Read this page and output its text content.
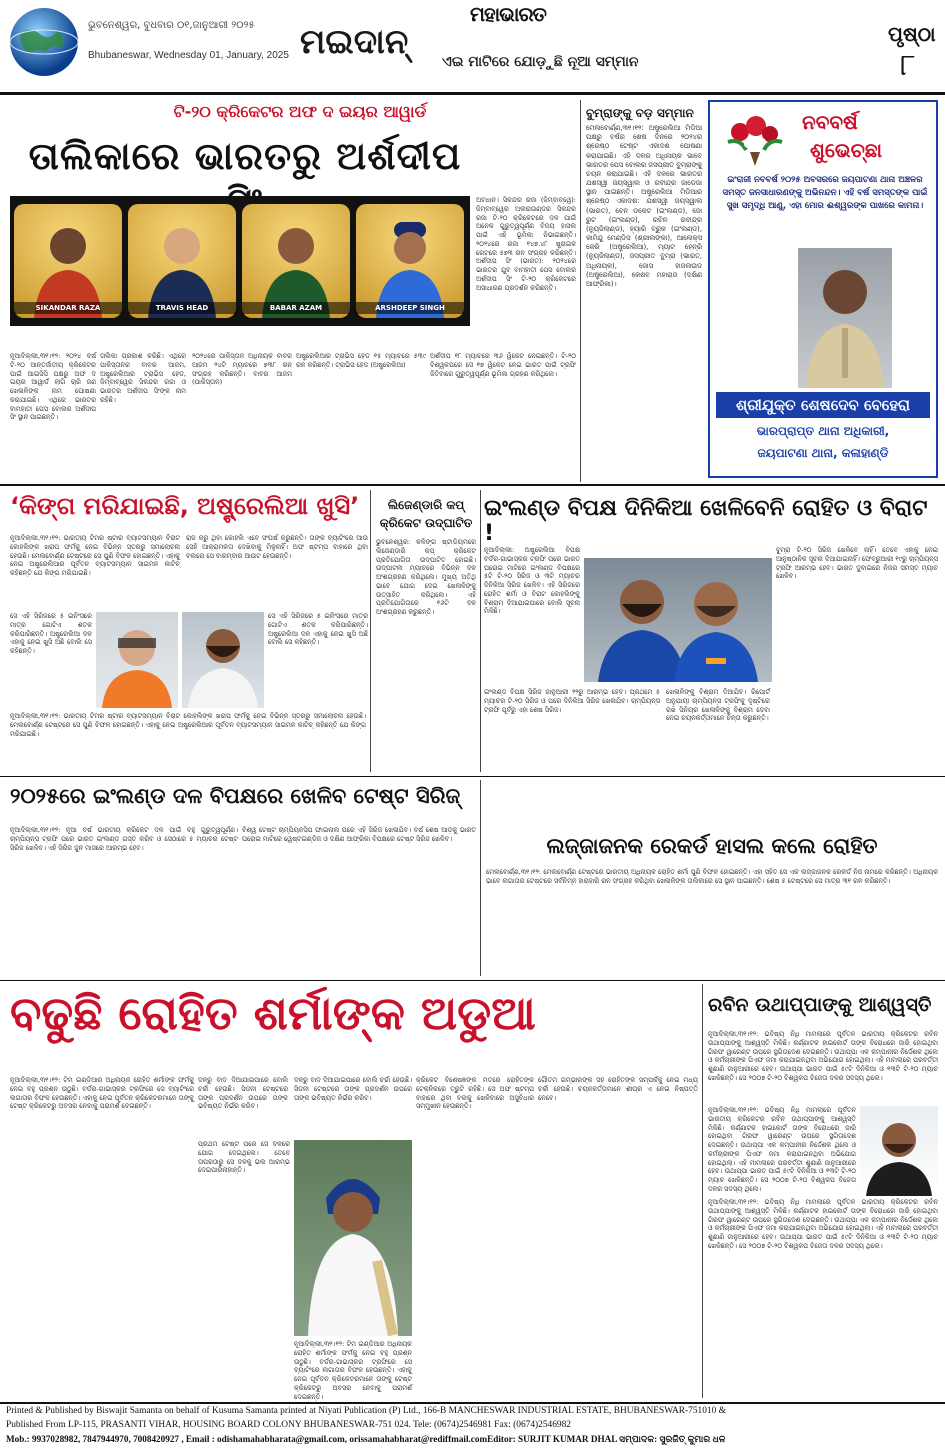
ଭୁବନେଶ୍ୱର, ବୁଧବାର ୦୧,ଜାନୁଆରୀ ୨୦୨୫
Bhubaneswar, Wednesday 01, January, 2025
ମହାଭାରତ
ମଇଦାନ୍ ଏଇ ମାଟିରେ ଯୋଡ଼ୁଛି ନୂଆ ସମ୍ମାନ
ପୃଷ୍ଠା
୮
ଟି-୨୦ କ୍ରିକେଟର ଅଫ ଦ ଇୟର ଆୱାର୍ଡ
ତାଲିକାରେ ଭାରତରୁ ଅର୍ଶଦୀପ
SIKANDAR RAZA	TRAVIS HEAD	BABAR AZAM	ARSHDEEP SINGH
ଅବଧାନ। ସିକନ୍ଦର ରଜା (ଜିମ୍ବାବ୍ୱେ): ଜିମ୍ବାବ୍ୱେର ଅଲରାଉଣ୍ଡର ସିକନ୍ଦର ରଜା ଟି-୨୦ କ୍ରିକେଟରେ ଦଳ ପାଇଁ ଅନେକ ଗୁରୁତ୍ୱପୂର୍ଣ୍ଣ ବିଜୟ ହାସଲ ପାଇଁ ଏହି ଭୂମିକା ନିଭାଇଛନ୍ତି। ୨୦୨୪ରେ ରଜା ୧୪୭.୪୮ ଷ୍ଟ୍ରାଇକ ରେଟରେ ୫୭୩ ରନ ସଂଗ୍ରହ କରିଛନ୍ତି। ଅର୍ଶଦୀପ ସିଂ (ଭାରତ): ୨୦୨୪ରେ ଭାରତର ଯୁବ ବାମହାତୀ ପେସ ବୋଲର ଅର୍ଶଦୀପ ସିଂ ଟି-୨୦ କ୍ରିକେଟରେ ଅସାଧାରଣ ପ୍ରଦର୍ଶନ କରିଛନ୍ତି।
ନୂଆଦିଲ୍ଲୀ,୩୧।୧୨: ୨୦୨୪ ବର୍ଷ ଟି-୨୦ ଆନ୍ତର୍ଜାତୀୟ କ୍ରିକେଟର ପାଇଁ ଆଇସିସି ପକ୍ଷରୁ ଅଫ ଦ ଇୟର ଆୱାର୍ଡ ଲାଗି ଚାରି ଜଣ ଖେଳାଳିଙ୍କ ନାମ ଘୋଷଣା କରାଯାଇଛି। ଏଥିରେ ଭାରତର ବାମହାତୀ ପେସ ବୋଲର ଅର୍ଶଦୀପ ସିଂ ସ୍ଥାନ ପାଇଛନ୍ତି।
ତାଲିକା ପ୍ରକାଶ କରିଛି। ଏଥିରେ ପାକିସ୍ତାନର ବାବର ଆଜମ, ଅଷ୍ଟ୍ରେଲିଆର ଟ୍ରାଭିସ ହେଡ, ଜିମ୍ବାବ୍ୱେର ସିକନ୍ଦର ରଜା ଓ ଭାରତର ଅର୍ଶଦୀପ ସିଂଙ୍କ ନାମ ରହିଛି।
୨୦୨୪ରେ ପାକିସ୍ତାନ ଅଧିନାୟକ ବାବର ଆଜମ ୨୪ଟି ମ୍ୟାଚରେ ୭୩୮ ରନ ସଂଗ୍ରହ କରିଛନ୍ତି। ବାବର ଆଜମ (ପାକିସ୍ତାନ)
ଅଷ୍ଟ୍ରେଲିଆର ଟ୍ରାଭିସ ହେଡ ୧୫ ମ୍ୟାଚରେ ୫୩୯ ରନ କରିଛନ୍ତି। ଟ୍ରାଭିସ ହେଡ (ଅଷ୍ଟ୍ରେଲିଆ)
ଅର୍ଶଦୀପ ୧୮ ମ୍ୟାଚରେ ୩୬ ୱିକେଟ ନେଇଛନ୍ତି। ଟି-୨୦ ବିଶ୍ୱକପରେ ସେ ୧୭ ୱିକେଟ ନେଇ ଭାରତ ପାଇଁ ଟ୍ରଫି ଜିତିବାରେ ଗୁରୁତ୍ୱପୂର୍ଣ୍ଣ ଭୂମିକା ଗ୍ରହଣ କରିଥିଲେ।
ବୁମ୍ରାଙ୍କୁ ବଡ଼ ସମ୍ମାନ
ମେଲବୋର୍ଣ୍ଣ,୩୧।୧୨: ଅଷ୍ଟ୍ରେଲିଆ ମିଡିଆ ପକ୍ଷରୁ ବର୍ଷର ଶେଷ ଦିନରେ ୨୦୨୪ର ଶ୍ରେଷ୍ଠ ଟେଷ୍ଟ ଏକାଦଶ ଘୋଷଣା କରାଯାଇଛି। ଏହି ଦଳର ଅଧିନାୟକ ଭାବେ ଭାରତର ପେସ ବୋଲର ଜସପ୍ରୀତ ବୁମ୍ରାଙ୍କୁ ଚୟନ କରାଯାଇଛି। ଏହି ଦଳରେ ଭାରତର ଯଶସ୍ୱୀ ଜୟସ୍ୱାଲ ଓ ରବୀନ୍ଦ୍ର ଜାଡେଜା ସ୍ଥାନ ପାଇଛନ୍ତି। ଅଷ୍ଟ୍ରେଲିଆ ମିଡିଆର ଶ୍ରେଷ୍ଠ ଏକାଦଶ: ଯଶସ୍ୱୀ ଜୟସ୍ୱାଲ (ଭାରତ), ବେନ ଡକେଟ (ଇଂଲଣ୍ଡ), ଜୋ ରୁଟ (ଇଂଲଣ୍ଡ), ରଚିନ ରବୀନ୍ଦ୍ର (ନ୍ୟୁଜିଲାଣ୍ଡ), ହ୍ୟାରି ବ୍ରୁକ (ଇଂଲଣ୍ଡ), କାମିନ୍ଦୁ ମେଣ୍ଡିସ (ଶ୍ରୀଲଙ୍କା), ଆଲେକ୍ସ କେରି (ଅଷ୍ଟ୍ରେଲିଆ), ମ୍ୟାଟ ହେନ୍ରି (ନ୍ୟୁଜିଲାଣ୍ଡ), ଜସପ୍ରୀତ ବୁମ୍ରା (ଭାରତ, ଅଧିନାୟକ), ଜୋସ ହାଜଲଉଡ (ଅଷ୍ଟ୍ରେଲିଆ), କେଶବ ମହାରାଜ (ଦକ୍ଷିଣ ଆଫ୍ରିକା)।
ନବବର୍ଷ
ଶୁଭେଚ୍ଛା
ଇଂରାଜୀ ନବବର୍ଷ ୨୦୨୫ ଅବସରରେ ଜୟପାଟଣା ଥାନା ଅଞ୍ଚଳର ସମସ୍ତ ଜନସାଧାରଣଙ୍କୁ ଅଭିନନ୍ଦନ। ଏହି ବର୍ଷ ସମସ୍ତଙ୍କ ପାଇଁ ସୁଖ ସମୃଦ୍ଧି ଆଣୁ, ଏହା ମୋର ଈଶ୍ୱରଙ୍କ ପାଖରେ କାମନା।
ଶ୍ରୀଯୁକ୍ତ ଶେଷଦେବ ବେହେରା
ଭାରପ୍ରାପ୍ତ ଥାନା ଅଧିକାରୀ,
ଜୟପାଟଣା ଥାନା, କଳାହାଣ୍ଡି
‘କିଙ୍ଗ ମରିଯାଇଛି, ଅଷ୍ଟ୍ରେଲିଆ ଖୁସି’
ନୂଆଦିଲ୍ଲୀ,୩୧।୧୨: ଭାରତୀୟ ଟିମର ଷ୍ଟାର ବ୍ୟାଟସମ୍ୟାନ ବିରାଟ କୋହଲିଙ୍କ ଖରାପ ଫର୍ମକୁ ନେଇ ବିଭିନ୍ନ ସ୍ତରରୁ ସମାଲୋଚନା ହେଉଛି। ମେଲବୋର୍ଣ୍ଣ ଟେଷ୍ଟରେ ସେ ପୁଣି ବିଫଳ ହୋଇଛନ୍ତି। ଏହାକୁ ନେଇ ଅଷ୍ଟ୍ରେଲିଆର ପୂର୍ବତନ ବ୍ୟାଟସମ୍ୟାନ ସାଇମନ କାଟିଚ୍ କହିଛନ୍ତି ଯେ କିଙ୍ଗ ମରିଯାଇଛି।
ରାଜ କରୁ ଥିବା କୋହଲି ଏବେ ସଂଘର୍ଷ କରୁଛନ୍ତି। ତାଙ୍କ ବ୍ୟାଟିଂରେ ଆଉ ସେହି ଆକ୍ରାମକତା ଦେଖିବାକୁ ମିଳୁନାହିଁ। ଅଫ ଷ୍ଟମ୍ପ ବାହାରେ ଥିବା ବଲରେ ସେ ବାରମ୍ବାର ଆଉଟ ହେଉଛନ୍ତି।
ସେ ଏହି ସିରିଜରେ ୫ ଇନିଂସରେ ମାତ୍ର ଗୋଟିଏ ଶତକ କରିପାରିଛନ୍ତି। ଅଷ୍ଟ୍ରେଲିଆ ଦଳ ଏହାକୁ ନେଇ ଖୁସି ଅଛି ବୋଲି ସେ କହିଛନ୍ତି।
ସେ ଏହି ସିରିଜରେ ୫ ଇନିଂସରେ ମାତ୍ର ଗୋଟିଏ ଶତକ କରିପାରିଛନ୍ତି। ଅଷ୍ଟ୍ରେଲିଆ ଦଳ ଏହାକୁ ନେଇ ଖୁସି ଅଛି ବୋଲି ସେ କହିଛନ୍ତି।
ନୂଆଦିଲ୍ଲୀ,୩୧।୧୨: ଭାରତୀୟ ଟିମର ଷ୍ଟାର ବ୍ୟାଟସମ୍ୟାନ ବିରାଟ କୋହଲିଙ୍କ ଖରାପ ଫର୍ମକୁ ନେଇ ବିଭିନ୍ନ ସ୍ତରରୁ ସମାଲୋଚନା ହେଉଛି। ମେଲବୋର୍ଣ୍ଣ ଟେଷ୍ଟରେ ସେ ପୁଣି ବିଫଳ ହୋଇଛନ୍ତି। ଏହାକୁ ନେଇ ଅଷ୍ଟ୍ରେଲିଆର ପୂର୍ବତନ ବ୍ୟାଟସମ୍ୟାନ ସାଇମନ କାଟିଚ୍ କହିଛନ୍ତି ଯେ କିଙ୍ଗ ମରିଯାଇଛି।
ଲିଜେଣ୍ଡାରି କପ୍
କ୍ରିକେଟ ଉଦ୍‌ଘାଟିତ
ଭୁବନେଶ୍ୱର: କଳିଙ୍ଗ ଷ୍ଟାଡିୟମରେ ଲିଜେଣ୍ଡାରି କପ୍ କ୍ରିକେଟ ପ୍ରତିଯୋଗିତା ଉଦ୍‌ଘାଟିତ ହୋଇଛି। ଉଦ୍‌ଘାଟନୀ ମ୍ୟାଚରେ ବିଭିନ୍ନ ଦଳ ଅଂଶଗ୍ରହଣ କରିଥିଲେ। ମୁଖ୍ୟ ଅତିଥି ଭାବେ ଯୋଗ ଦେଇ ଖେଳାଳିଙ୍କୁ ଉତ୍ସାହିତ କରିଥିଲେ। ଏହି ପ୍ରତିଯୋଗିତାରେ ୧୬ଟି ଦଳ ଅଂଶଗ୍ରହଣ କରୁଛନ୍ତି।
ଇଂଲଣ୍ଡ ବିପକ୍ଷ ଦିନିକିଆ ଖେଳିବେନି ରୋହିତ ଓ ବିରାଟ !
ନୂଆଦିଲ୍ଲୀ: ଅଷ୍ଟ୍ରେଲିଆ ବିପକ୍ଷ ବର୍ଡର-ଗାଭାସ୍କର ଟ୍ରଫି ପରେ ଭାରତ ଘରୋଇ ମାଟିରେ ଇଂଲଣ୍ଡ ବିପକ୍ଷରେ ୫ଟି ଟି-୨୦ ସିରିଜ ଓ ୩ଟି ମ୍ୟାଚର ଦିନିକିଆ ସିରିଜ ଖେଳିବ। ଏହି ସିରିଜରେ ରୋହିତ ଶର୍ମା ଓ ବିରାଟ କୋହଲିଙ୍କୁ ବିଶ୍ରାମ ଦିଆଯାଇପାରେ ବୋଲି ସୂଚନା ମିଳିଛି।
ଇଂଲଣ୍ଡ ବିପକ୍ଷ ସିରିଜ ଜାନୁଆରୀ ୨୨ରୁ ଆରମ୍ଭ ହେବ। ପ୍ରଥମେ ୫ ମ୍ୟାଚର ଟି-୨୦ ସିରିଜ ଓ ପରେ ଦିନିକିଆ ସିରିଜ ଖେଳାଯିବ। ଚାମ୍ପିୟନ୍ସ ଟ୍ରଫି ପୂର୍ବରୁ ଏହା ଶେଷ ସିରିଜ।
ଖେଳାଳିଙ୍କୁ ବିଶ୍ରାମ ଦିଆଯିବ। ରିପୋର୍ଟ ଅନୁଯାୟୀ ଚାମ୍ପିୟନ୍ସ ଟ୍ରଫିକୁ ଦୃଷ୍ଟିରେ ରଖି ସିନିୟର ଖେଳାଳିଙ୍କୁ ବିଶ୍ରାମ ଦେବା ନେଇ ଚୟନକର୍ତ୍ତାମାନେ ଚିନ୍ତା କରୁଛନ୍ତି।
ବୁମ୍ରା ଟି-୨୦ ସିରିଜ ଖେଳିବେ ନାହିଁ। ତେବେ ଏହାକୁ ନେଇ ଆନୁଷ୍ଠାନିକ ସୂଚନା ଦିଆଯାଇନାହିଁ। ଫେବ୍ରୁଆରୀ ୧୯ରୁ ଚାମ୍ପିୟନ୍ସ ଟ୍ରଫି ଆରମ୍ଭ ହେବ। ଭାରତ ଦୁବାଇରେ ନିଜର ସମସ୍ତ ମ୍ୟାଚ ଖେଳିବ।
୨୦୨୫ରେ ଇଂଲଣ୍ଡ ଦଳ ବିପକ୍ଷରେ ଖେଳିବ ଟେଷ୍ଟ ସିରିଜ୍
ନୂଆଦିଲ୍ଲୀ,୩୧।୧୨: ନୂଆ ବର୍ଷ ଭାରତୀୟ କ୍ରିକେଟ ଦଳ ପାଇଁ ବହୁ ଗୁରୁତ୍ୱପୂର୍ଣ୍ଣ। ଚାମ୍ପିୟନ୍ସ ଟ୍ରଫି ପରେ ଭାରତ ଇଂଲଣ୍ଡ ଗସ୍ତ କରିବ ଓ ସେଠାରେ ୫ ମ୍ୟାଚର ଟେଷ୍ଟ ସିରିଜ ଖେଳିବ। ଏହି ସିରିଜ ଜୁନ ମାସରେ ଆରମ୍ଭ ହେବ।
ବିଶ୍ୱ ଟେଷ୍ଟ ଚାମ୍ପିୟନସିପ ଫାଇନାଲ ପରେ ଏହି ସିରିଜ ଖେଳାଯିବ। ବର୍ଷ ଶେଷ ଆଡ଼କୁ ଭାରତ ଘରୋଇ ମାଟିରେ ୱେଷ୍ଟଇଣ୍ଡିଜ ଓ ଦକ୍ଷିଣ ଆଫ୍ରିକା ବିପକ୍ଷରେ ଟେଷ୍ଟ ସିରିଜ ଖେଳିବ।	ଲଜ୍ଜାଜନକ ରେକର୍ଡ ହାସଲ କଲେ ରୋହିତ
ମେଲବୋର୍ଣ୍ଣ,୩୧।୧୨: ମେଲବୋର୍ଣ୍ଣ ଟେଷ୍ଟରେ ଭାରତୀୟ ଅଧିନାୟକ ରୋହିତ ଶର୍ମା ପୁଣି ବିଫଳ ହୋଇଛନ୍ତି। ଏହା ସହିତ ସେ ଏକ ଲଜ୍ଜାଜନକ ରେକର୍ଡ ନିଜ ନାମରେ କରିଛନ୍ତି। ଅଧିନାୟକ ଭାବେ ଲଗାତାର ଟେଷ୍ଟରେ ସର୍ବନିମ୍ନ ହାରାହାରି ରନ ସଂଗ୍ରହ କରିଥିବା ଖେଳାଳିଙ୍କ ତାଲିକାରେ ସେ ସ୍ଥାନ ପାଇଛନ୍ତି। ଶେଷ ୫ ଟେଷ୍ଟରେ ସେ ମାତ୍ର ୩୧ ରନ କରିଛନ୍ତି।
ବଢୁଛି ରୋହିତ ଶର୍ମାଙ୍କ ଅଡୁଆ
ନୂଆଦିଲ୍ଲୀ,୩୧।୧୨: ଟିମ ଇଣ୍ଡିଆର ଅଧିନାୟକ ରୋହିତ ଶର୍ମାଙ୍କ ଫର୍ମକୁ ନେଇ ବହୁ ପ୍ରଶ୍ନ ଉଠୁଛି। ବର୍ଡର-ଗାଭାସ୍କର ଟ୍ରଫିରେ ସେ ବ୍ୟାଟିଂରେ ଲଗାତାର ବିଫଳ ହେଉଛନ୍ତି। ଏହାକୁ ନେଇ ପୂର୍ବତନ କ୍ରିକେଟରମାନେ ତାଙ୍କୁ ଟେଷ୍ଟ କ୍ରିକେଟରୁ ଅବସର ନେବାକୁ ପରାମର୍ଶ ଦେଇଛନ୍ତି।
ଦଳରୁ ବାଦ ଦିଆଯାଇପାରେ ବୋଲି ଚର୍ଚ୍ଚା ହେଉଛି। ସିଡନୀ ଟେଷ୍ଟରେ ତାଙ୍କ ପ୍ରଦର୍ଶନ ଉପରେ ତାଙ୍କ ଭବିଷ୍ୟତ ନିର୍ଭର କରିବ।
ପ୍ରଥମ ଟେଷ୍ଟ ପରେ ସେ ଦଳରେ ଯୋଗ ଦେଇଥିଲେ। ତେବେ ତାପରଠାରୁ ସେ ଦଳକୁ ଭଲ ଆରମ୍ଭ ଦେଇପାରିନାହାନ୍ତି।
ଦଳରୁ ବାଦ ଦିଆଯାଇପାରେ ବୋଲି ଚର୍ଚ୍ଚା ହେଉଛି। ସିଡନୀ ଟେଷ୍ଟରେ ତାଙ୍କ ପ୍ରଦର୍ଶନ ଉପରେ ତାଙ୍କ ଭବିଷ୍ୟତ ନିର୍ଭର କରିବ।
କ୍ରିକେଟ ବିଶେଷଜ୍ଞଙ୍କ ମତରେ ରୋହିତଙ୍କ ଟେକ୍ନିକରେ ତ୍ରୁଟି ରହିଛି। ସେ ଅଫ ଷ୍ଟମ୍ପ ବାହାରେ ଥିବା ବଲକୁ ଖେଳିବାରେ ଅସୁବିଧାର ସମ୍ମୁଖୀନ ହେଉଛନ୍ତି।
ଗୌତମ ଗମ୍ଭୀରଙ୍କ ସହ ରୋହିତଙ୍କ ସମ୍ପର୍କକୁ ନେଇ ମଧ୍ୟ ଚର୍ଚ୍ଚା ହେଉଛି। ଚୟନକର୍ତ୍ତାମାନେ ଶୀଘ୍ର ଏ ନେଇ ନିଷ୍ପତ୍ତି ନେବେ।
ନୂଆଦିଲ୍ଲୀ,୩୧।୧୨: ଟିମ ଇଣ୍ଡିଆର ଅଧିନାୟକ ରୋହିତ ଶର୍ମାଙ୍କ ଫର୍ମକୁ ନେଇ ବହୁ ପ୍ରଶ୍ନ ଉଠୁଛି। ବର୍ଡର-ଗାଭାସ୍କର ଟ୍ରଫିରେ ସେ ବ୍ୟାଟିଂରେ ଲଗାତାର ବିଫଳ ହେଉଛନ୍ତି। ଏହାକୁ ନେଇ ପୂର୍ବତନ କ୍ରିକେଟରମାନେ ତାଙ୍କୁ ଟେଷ୍ଟ କ୍ରିକେଟରୁ ଅବସର ନେବାକୁ ପରାମର୍ଶ ଦେଇଛନ୍ତି।
ରବିନ ଉଥାପ୍ପାଙ୍କୁ ଆଶ୍ୱସ୍ତି
ନୂଆଦିଲ୍ଲୀ,୩୧।୧୨: ଭବିଷ୍ୟ ନିଧି ମାମଲାରେ ପୂର୍ବତନ ଭାରତୀୟ କ୍ରିକେଟର ରବିନ ଉଥାପ୍ପାଙ୍କୁ ଆଶ୍ୱସ୍ତି ମିଳିଛି। କର୍ଣ୍ଣାଟକ ହାଇକୋର୍ଟ ତାଙ୍କ ବିରୋଧରେ ଜାରି ହୋଇଥିବା ଗିରଫ ୱାରେଣ୍ଟ ଉପରେ ସ୍ଥଗିତାଦେଶ ଦେଇଛନ୍ତି। ଉଥାପ୍ପା ଏକ କମ୍ପାନୀର ନିର୍ଦ୍ଦେଶକ ଥିଲେ ଓ କର୍ମଚାରୀଙ୍କ ପିଏଫ ଜମା କରାଯାଇନଥିବା ଅଭିଯୋଗ ହୋଇଥିଲା। ଏହି ମାମଲାରେ ପରବର୍ତ୍ତୀ ଶୁଣାଣି ଜାନୁଆରୀରେ ହେବ। ଉଥାପ୍ପା ଭାରତ ପାଇଁ ୫୯ଟି ଦିନିକିଆ ଓ ୧୩ଟି ଟି-୨୦ ମ୍ୟାଚ ଖେଳିଛନ୍ତି। ସେ ୨୦୦୭ ଟି-୨୦ ବିଶ୍ୱକପ ବିଜେତା ଦଳର ସଦସ୍ୟ ଥିଲେ।
ନୂଆଦିଲ୍ଲୀ,୩୧।୧୨: ଭବିଷ୍ୟ ନିଧି ମାମଲାରେ ପୂର୍ବତନ ଭାରତୀୟ କ୍ରିକେଟର ରବିନ ଉଥାପ୍ପାଙ୍କୁ ଆଶ୍ୱସ୍ତି ମିଳିଛି। କର୍ଣ୍ଣାଟକ ହାଇକୋର୍ଟ ତାଙ୍କ ବିରୋଧରେ ଜାରି ହୋଇଥିବା ଗିରଫ ୱାରେଣ୍ଟ ଉପରେ ସ୍ଥଗିତାଦେଶ ଦେଇଛନ୍ତି। ଉଥାପ୍ପା ଏକ କମ୍ପାନୀର ନିର୍ଦ୍ଦେଶକ ଥିଲେ ଓ କର୍ମଚାରୀଙ୍କ ପିଏଫ ଜମା କରାଯାଇନଥିବା ଅଭିଯୋଗ ହୋଇଥିଲା। ଏହି ମାମଲାରେ ପରବର୍ତ୍ତୀ ଶୁଣାଣି ଜାନୁଆରୀରେ ହେବ। ଉଥାପ୍ପା ଭାରତ ପାଇଁ ୫୯ଟି ଦିନିକିଆ ଓ ୧୩ଟି ଟି-୨୦ ମ୍ୟାଚ ଖେଳିଛନ୍ତି। ସେ ୨୦୦୭ ଟି-୨୦ ବିଶ୍ୱକପ ବିଜେତା ଦଳର ସଦସ୍ୟ ଥିଲେ।
ନୂଆଦିଲ୍ଲୀ,୩୧।୧୨: ଭବିଷ୍ୟ ନିଧି ମାମଲାରେ ପୂର୍ବତନ ଭାରତୀୟ କ୍ରିକେଟର ରବିନ ଉଥାପ୍ପାଙ୍କୁ ଆଶ୍ୱସ୍ତି ମିଳିଛି। କର୍ଣ୍ଣାଟକ ହାଇକୋର୍ଟ ତାଙ୍କ ବିରୋଧରେ ଜାରି ହୋଇଥିବା ଗିରଫ ୱାରେଣ୍ଟ ଉପରେ ସ୍ଥଗିତାଦେଶ ଦେଇଛନ୍ତି। ଉଥାପ୍ପା ଏକ କମ୍ପାନୀର ନିର୍ଦ୍ଦେଶକ ଥିଲେ ଓ କର୍ମଚାରୀଙ୍କ ପିଏଫ ଜମା କରାଯାଇନଥିବା ଅଭିଯୋଗ ହୋଇଥିଲା। ଏହି ମାମଲାରେ ପରବର୍ତ୍ତୀ ଶୁଣାଣି ଜାନୁଆରୀରେ ହେବ। ଉଥାପ୍ପା ଭାରତ ପାଇଁ ୫୯ଟି ଦିନିକିଆ ଓ ୧୩ଟି ଟି-୨୦ ମ୍ୟାଚ ଖେଳିଛନ୍ତି। ସେ ୨୦୦୭ ଟି-୨୦ ବିଶ୍ୱକପ ବିଜେତା ଦଳର ସଦସ୍ୟ ଥିଲେ।
Printed & Published by Biswajit Samanta on behalf of Kusuma Samanta printed at Niyati Publication (P) Ltd., 166-B MANCHESWAR INDUSTRIAL ESTATE, BHUBANESWAR-751010 &
Published From LP-115, PRASANTI VIHAR, HOUSING BOARD COLONY BHUBANESWAR-751 024. Tele: (0674)2546981 Fax: (0674)2546982
Mob.: 9937028982, 7847944970, 7008420927 , Email : odishamahabharata@gmail.com, orissamahabharat@rediffmail.comEditor: SURJIT KUMAR DHAL ସମ୍ପାଦକ: ସୁରଜିତ୍ କୁମାର ଧଳ
